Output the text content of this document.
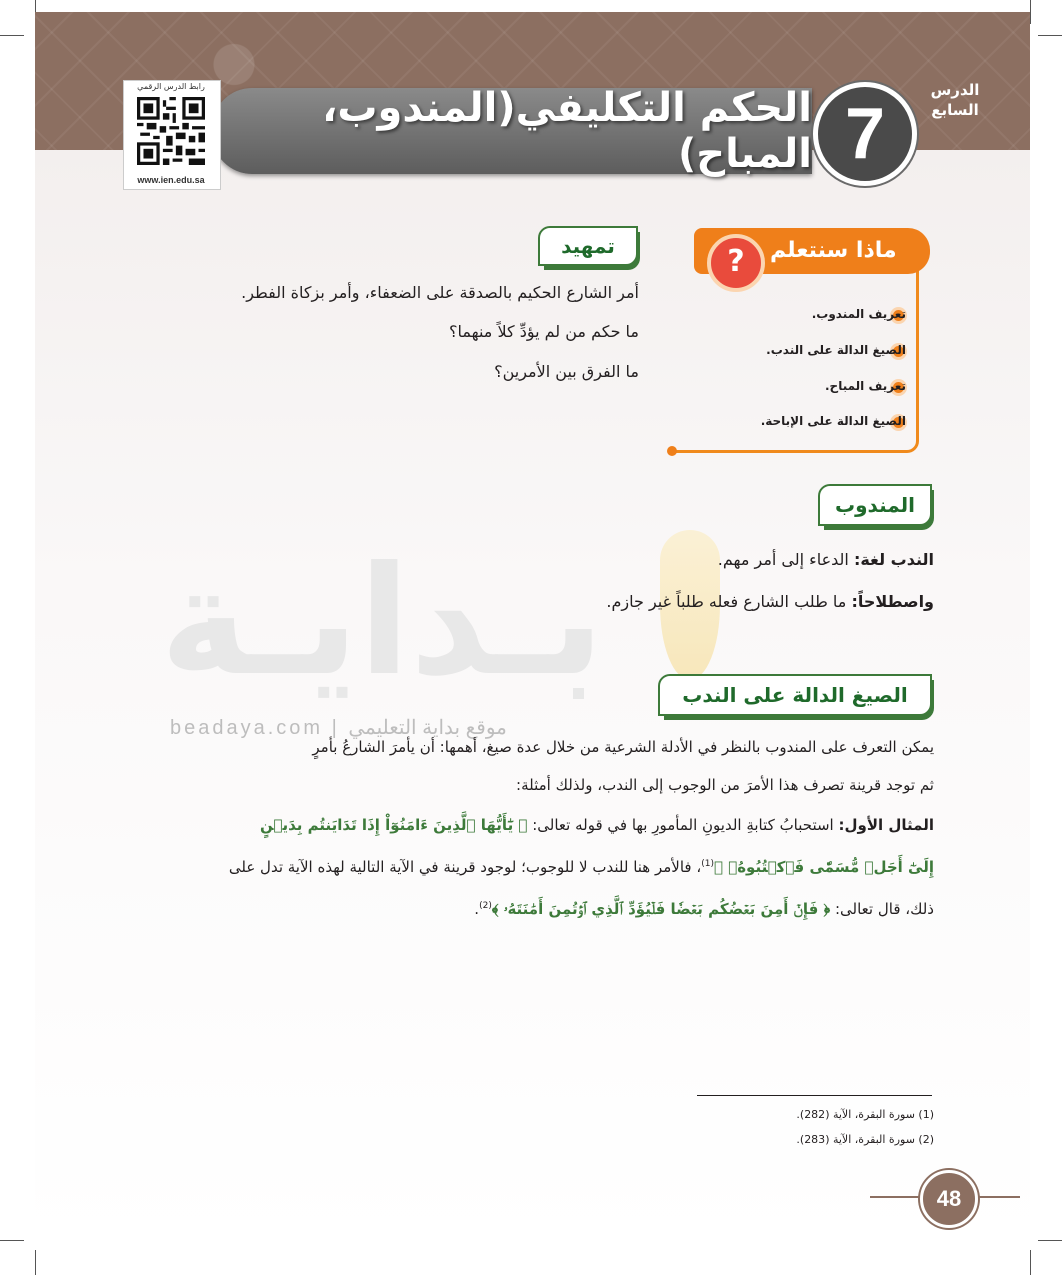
بـدايـة
beadaya.com | موقع بداية التعليمي
الدرس
السابع
الحكم التكليفي(المندوب، المباح) 7
رابط الدرس الرقمي
www.ien.edu.sa
ماذا سنتعلم
?
تعريف المندوب.
الصيغ الدالة على الندب.
تعريف المباح.
الصيغ الدالة على الإباحة.
تمهيد
أمر الشارع الحكيم بالصدقة على الضعفاء، وأمر بزكاة الفطر.
ما حكم من لم يؤدِّ كلاً منهما؟
ما الفرق بين الأمرين؟
المندوب
الندب لغة: الدعاء إلى أمر مهم.
واصطلاحاً: ما طلب الشارع فعله طلباً غير جازم.
الصيغ الدالة على الندب
يمكن التعرف على المندوب بالنظر في الأدلة الشرعية من خلال عدة صيغ، أهمها: أن يأمرَ الشارعُ بأمرٍ
ثم توجد قرينة تصرف هذا الأمرَ من الوجوب إلى الندب، ولذلك أمثلة:
المثال الأول: استحبابُ كتابةِ الديونِ المأمورِ بها في قوله تعالى: ﴿ يَٰٓأَيُّهَا ٱلَّذِينَ ءَامَنُوٓاْ إِذَا تَدَايَنتُم بِدَيۡنٍ
إِلَىٰٓ أَجَلٖ مُّسَمّٗى فَٱكۡتُبُوهُۚ ﴾$^{(1)}$، فالأمر هنا للندب لا للوجوب؛ لوجود قرينة في الآية التالية لهذه الآية تدل على
ذلك، قال تعالى: ﴿ فَإِنۡ أَمِنَ بَعۡضُكُم بَعۡضٗا فَلۡيُؤَدِّ ٱلَّذِي ٱؤۡتُمِنَ أَمَٰنَتَهُۥ ﴾$^{(2)}$.
(1) سورة البقرة، الآية (282).
(2) سورة البقرة، الآية (283).
48
